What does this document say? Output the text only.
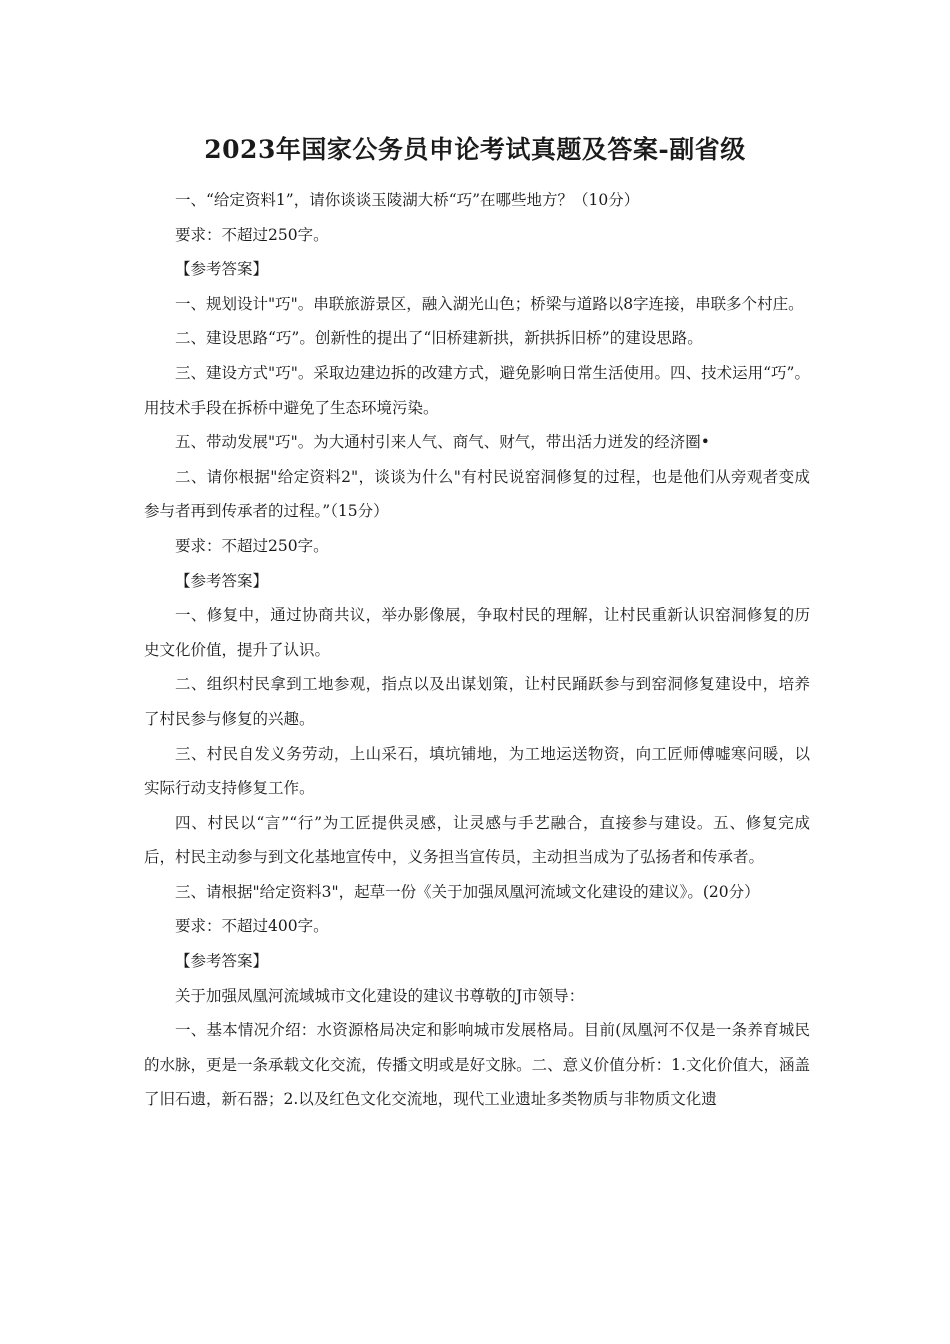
2023年国家公务员申论考试真题及答案-副省级

一、“给定资料1”，请你谈谈玉陵湖大桥“巧”在哪些地方？（10分）

要求：不超过250字。

【参考答案】

一、规划设计"巧"。串联旅游景区，融入湖光山色；桥梁与道路以8字连接，串联多个村庄。

二、建设思路“巧”。创新性的提出了“旧桥建新拱，新拱拆旧桥”的建设思路。

三、建设方式"巧"。采取边建边拆的改建方式，避免影响日常生活使用。四、技术运用“巧”。用技术手段在拆桥中避免了生态环境污染。

五、带动发展"巧"。为大通村引来人气、商气、财气，带出活力迸发的经济圈•

二、请你根据"给定资料2"，谈谈为什么"有村民说窑洞修复的过程，也是他们从旁观者变成参与者再到传承者的过程。”（15分）

要求：不超过250字。

【参考答案】

一、修复中，通过协商共议，举办影像展，争取村民的理解，让村民重新认识窑洞修复的历史文化价值，提升了认识。

二、组织村民拿到工地参观，指点以及出谋划策，让村民踊跃参与到窑洞修复建设中，培养了村民参与修复的兴趣。

三、村民自发义务劳动，上山采石，填坑铺地，为工地运送物资，向工匠师傅嘘寒问暖，以实际行动支持修复工作。

四、村民以“言”“行”为工匠提供灵感，让灵感与手艺融合，直接参与建设。五、修复完成后，村民主动参与到文化基地宣传中，义务担当宣传员，主动担当成为了弘扬者和传承者。

三、请根据"给定资料3"，起草一份《关于加强凤凰河流域文化建设的建议》。(20分）

要求：不超过400字。

【参考答案】

关于加强凤凰河流域城市文化建设的建议书尊敬的J市领导：

一、基本情况介绍：水资源格局决定和影响城市发展格局。目前(凤凰河不仅是一条养育城民的水脉，更是一条承载文化交流，传播文明或是好文脉。二、意义价值分析：1.文化价值大，涵盖了旧石遗，新石器；2.以及红色文化交流地，现代工业遗址多类物质与非物质文化遗
